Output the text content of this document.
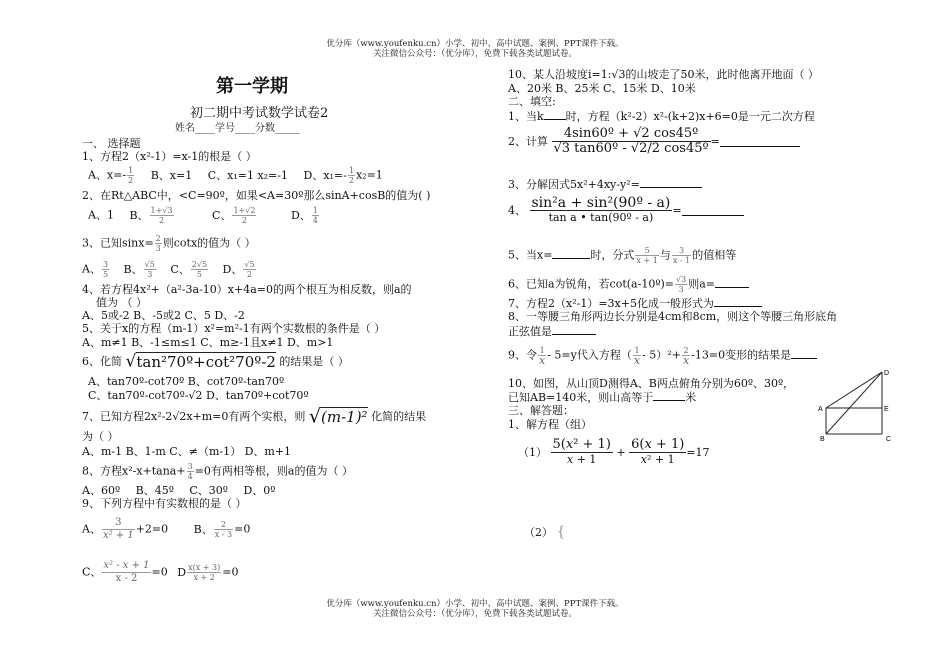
优分库（www.youfenku.cn）小学、初中、高中试题、案例、PPT课件下载。
关注微信公众号：（优分库），免费下载各类试题试卷。
优分库（www.youfenku.cn）小学、初中、高中试题、案例、PPT课件下载。
关注微信公众号：（优分库），免费下载各类试题试卷。
第一学期
初二期中考试数学试卷2
姓名____学号____分数_____
一、 选择题
1、方程2（x²-1）=x-1的根是（ ）
A、$x=- \frac{1}{2}$ B、x=1 C、x₁=1 x₂=-1 D、$x_1=- \frac{1}{2} x_2=1$
2、在Rt△ABC中，<C=90º，如果<A=30º那么sinA+cosB的值为( )
A、1 B、 $\frac{1+√3}{2}$	C、 $\frac{1+√2}{2}$	D、 $\frac{1}{4}$
3、已知$\sin x= \frac{2}{3}$ 则cotx的值为（ ）
A、 $\frac{3}{5}$ B、 $\frac{√5}{3}$ C、 $\frac{2√5}{5}$ D、 $\frac{√5}{2}$
4、若方程4x²+（a²-3a-10）x+4a=0的两个根互为相反数，则a的
值为 （ ）
A、5或-2 B、-5或2 C、5 D、-2
5、关于x的方程（m-1）x²=m²-1有两个实数根的条件是（ ）
A、m≠1 B、-1≤m≤1 C、m≥-1且x≠1 D、m>1
6、化简 √tan²70º+cot²70º-2 的结果是（ ）
A、tan70º-cot70º B、cot70º-tan70º
C、tan70º-cot70º-√2 D、tan70º+cot70º
7、已知方程2x²-2√2x+m=0有两个实根，则 √(m-1)² 化简的结果
为（ ）
A、m-1 B、1-m C、≠（m-1） D、m+1
8、方程$x^2-x+\tan a+ \frac{3}{4} =0$有两相等根，则a的值为（ ）
A、60º B、45º C、30º D、0º
9、下列方程中有实数根的是（ ）
A、 $\frac{3}{\text{x² + 1}} +2=0$ B、 $\frac{2}{x - 3} =0$
C、 $\frac{\text{x² - x + 1}}{x - 2} =0$ D $\frac{x(x + 3)}{x + 2} =0$
10、某人沿坡度i=1:√3的山坡走了50米，此时他离开地面（ ）
A、20米 B、25米 C、15米 D、10米
二、填空:
1、当k 时，方程（k²-2）x²-(k+2)x+6=0是一元二次方程
2、计算 $\frac{\text{4sin60º + √2 cos45º}}{\text{√3 tan60º - √2/2 cos45º}}$ =
3、分解因式5x²+4xy-y²=
4、 sin²a + sin²(90º - a)
tan a • tan(90º - a)
=
5、当x=	时，分式 $\frac{5}{x + 1}$ 与 $\frac{3}{x - 1}$ 的值相等
6、已知a为锐角，若cot(a-10º)= $\frac{√3}{3}$ 则a=
7、方程2（x²-1）=3x+5化成一般形式为
8、一等腰三角形两边长分别是4cm和8cm，则这个等腰三角形底角
正弦值是
9、令 $\frac{1}{x} - 5=y$代入方程（ $\frac{1}{x} - 5)^2+ \frac{2}{x} -13=0$变形的结果是
10、如图，从山顶D测得A、B两点俯角分别为60º、30º，
已知AB=140米，则山高等于	米
三、解答题：
1、解方程（组）
$(1) \frac{\text{5(x² + 1)}}{x + 1} + \frac{6(x + 1)}{\text{x² + 1}} =17$
（2） {
D
E
A
B	C
